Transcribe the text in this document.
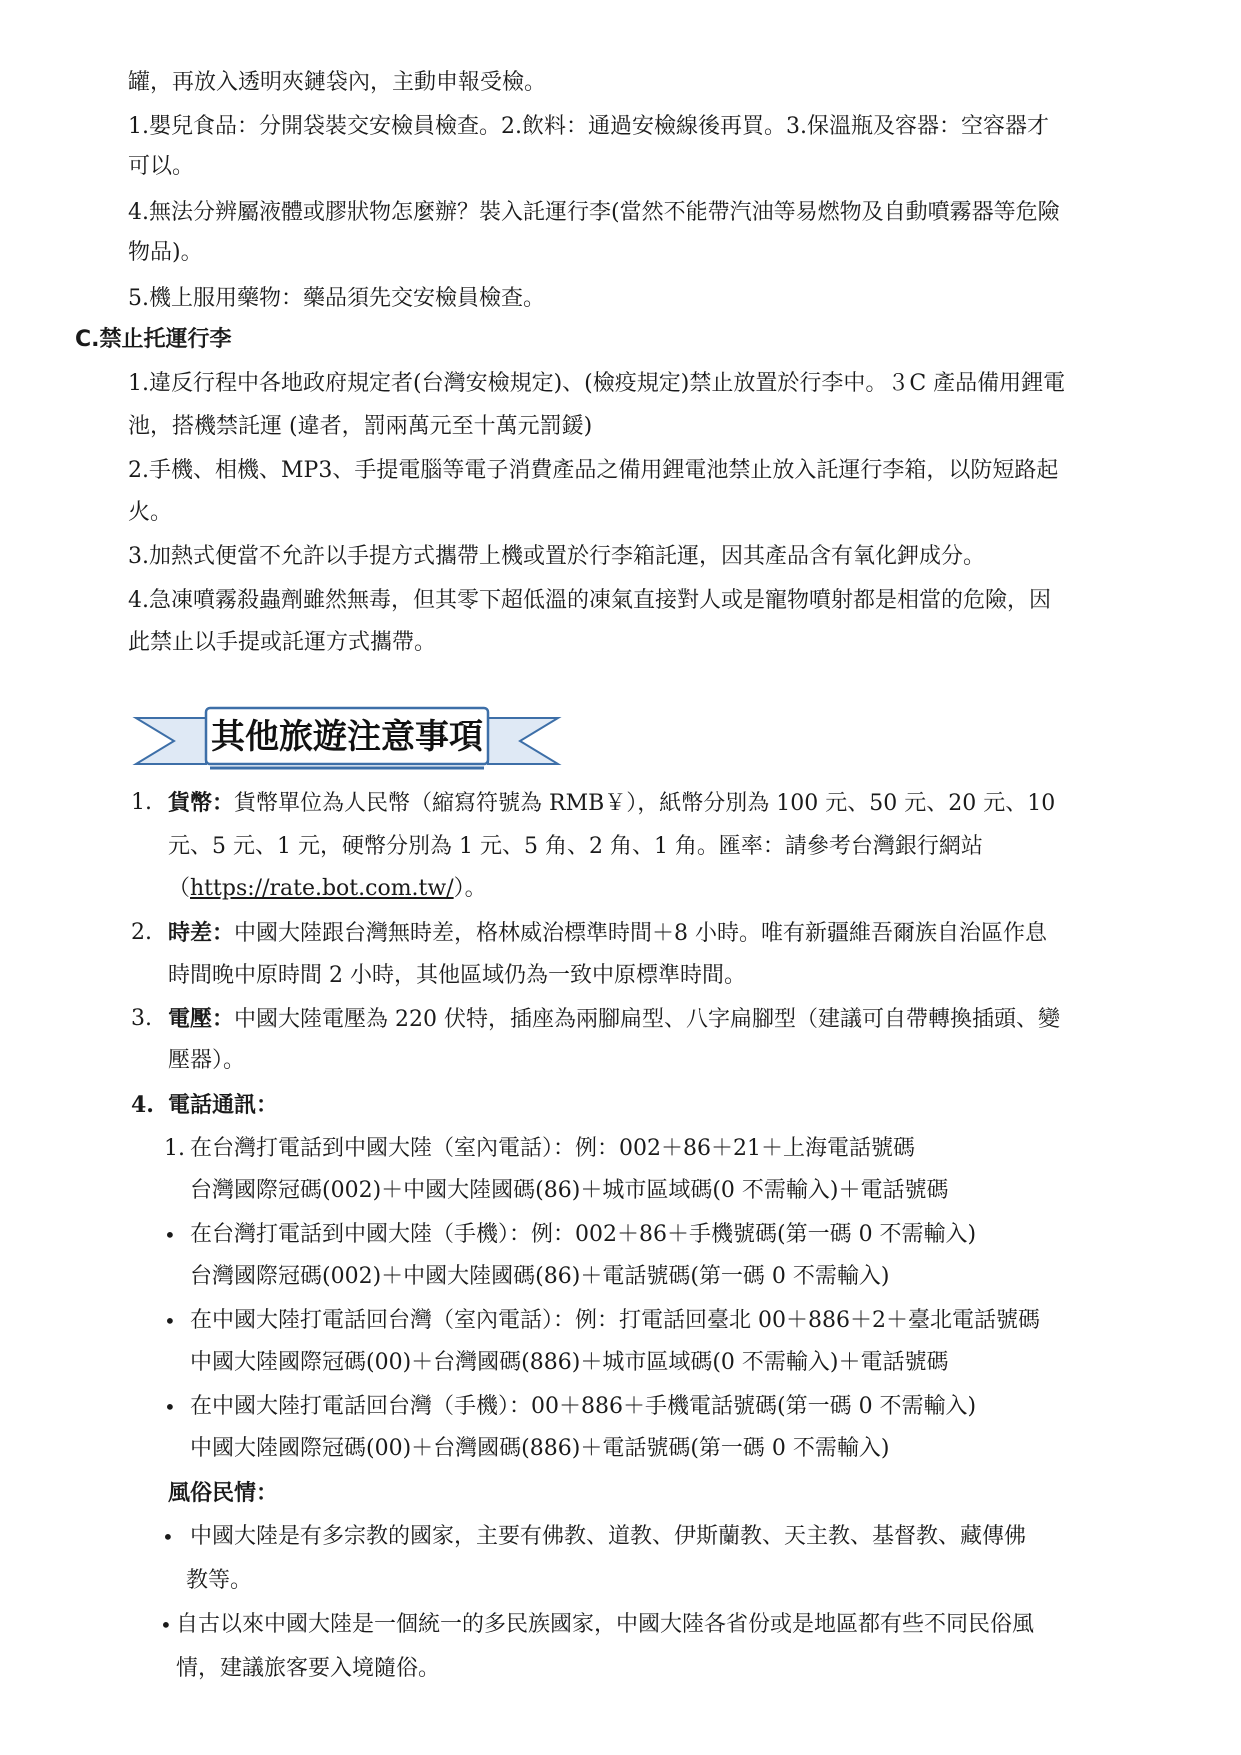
罐，再放入透明夾鏈袋內，主動申報受檢。
1.嬰兒食品：分開袋裝交安檢員檢查。2.飲料：通過安檢線後再買。3.保溫瓶及容器：空容器才
可以。
4.無法分辨屬液體或膠狀物怎麼辦？裝入託運行李(當然不能帶汽油等易燃物及自動噴霧器等危險
物品)。
5.機上服用藥物：藥品須先交安檢員檢查。
C.禁止托運行李
1.違反行程中各地政府規定者(台灣安檢規定)、(檢疫規定)禁止放置於行李中。３C 產品備用鋰電
池，搭機禁託運 (違者，罰兩萬元至十萬元罰鍰)
2.手機、相機、MP3、手提電腦等電子消費產品之備用鋰電池禁止放入託運行李箱，以防短路起
火。
3.加熱式便當不允許以手提方式攜帶上機或置於行李箱託運，因其產品含有氧化鉀成分。
4.急凍噴霧殺蟲劑雖然無毒，但其零下超低溫的凍氣直接對人或是寵物噴射都是相當的危險，因
此禁止以手提或託運方式攜帶。
其他旅遊注意事項
1. 貨幣：貨幣單位為人民幣（縮寫符號為 RMB￥），紙幣分別為 100 元、50 元、20 元、10
元、5 元、1 元，硬幣分別為 1 元、5 角、2 角、1 角。匯率：請參考台灣銀行網站
（https://rate.bot.com.tw/）。
2. 時差：中國大陸跟台灣無時差，格林威治標準時間＋8 小時。唯有新疆維吾爾族自治區作息
時間晚中原時間 2 小時，其他區域仍為一致中原標準時間。
3. 電壓：中國大陸電壓為 220 伏特，插座為兩腳扁型、八字扁腳型（建議可自帶轉換插頭、變
壓器）。
4. 電話通訊：
1. 在台灣打電話到中國大陸（室內電話）：例：002＋86＋21＋上海電話號碼
台灣國際冠碼(002)＋中國大陸國碼(86)＋城市區域碼(0 不需輸入)＋電話號碼
• 在台灣打電話到中國大陸（手機）：例：002＋86＋手機號碼(第一碼 0 不需輸入)
台灣國際冠碼(002)＋中國大陸國碼(86)＋電話號碼(第一碼 0 不需輸入)
• 在中國大陸打電話回台灣（室內電話）：例：打電話回臺北 00＋886＋2＋臺北電話號碼
中國大陸國際冠碼(00)＋台灣國碼(886)＋城市區域碼(0 不需輸入)＋電話號碼
• 在中國大陸打電話回台灣（手機）：00＋886＋手機電話號碼(第一碼 0 不需輸入)
中國大陸國際冠碼(00)＋台灣國碼(886)＋電話號碼(第一碼 0 不需輸入)
風俗民情：
• 中國大陸是有多宗教的國家，主要有佛教、道教、伊斯蘭教、天主教、基督教、藏傳佛
教等。
• 自古以來中國大陸是一個統一的多民族國家，中國大陸各省份或是地區都有些不同民俗風
情，建議旅客要入境隨俗。
